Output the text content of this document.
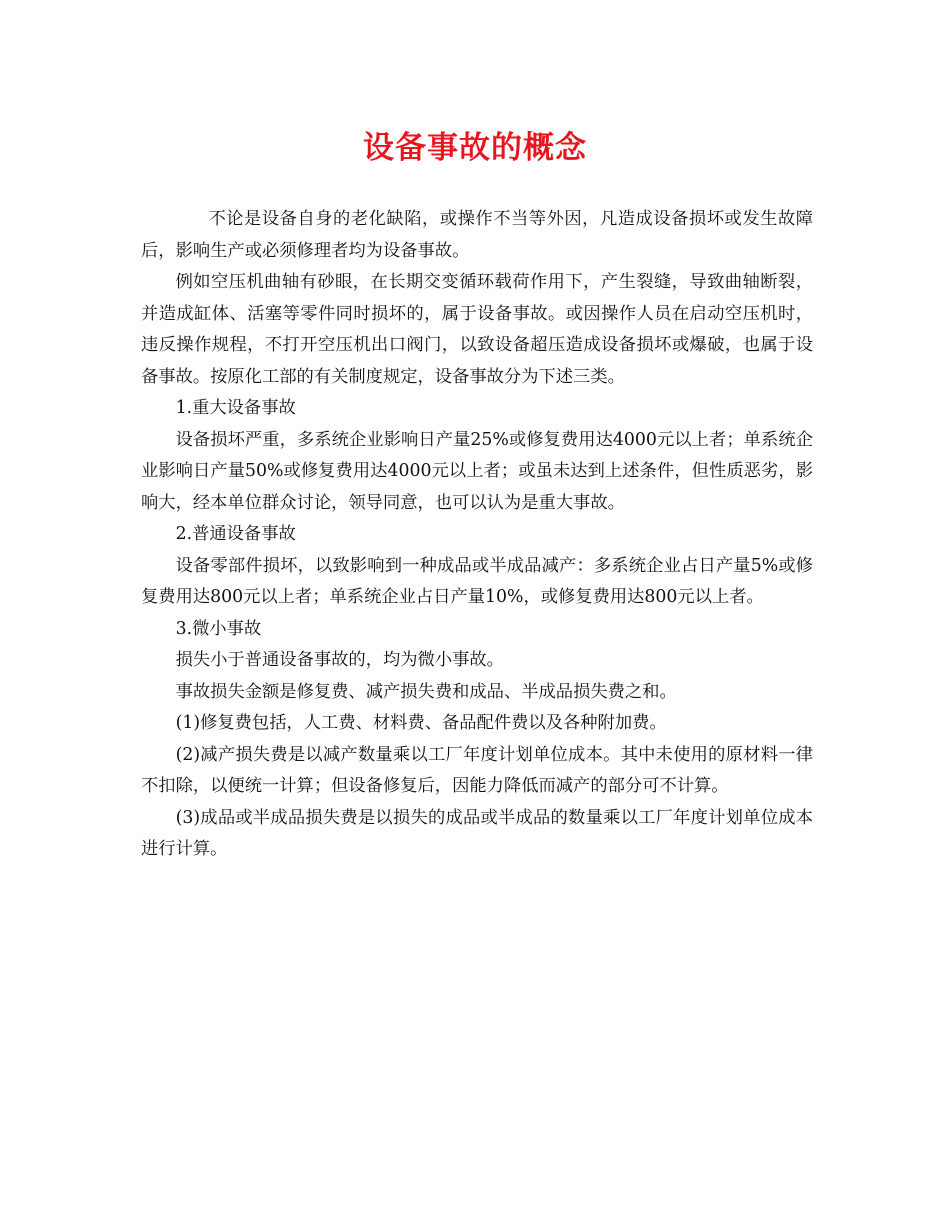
设备事故的概念

不论是设备自身的老化缺陷，或操作不当等外因，凡造成设备损坏或发生故障后，影响生产或必须修理者均为设备事故。

例如空压机曲轴有砂眼，在长期交变循环载荷作用下，产生裂缝，导致曲轴断裂，并造成缸体、活塞等零件同时损坏的，属于设备事故。或因操作人员在启动空压机时，违反操作规程，不打开空压机出口阀门，以致设备超压造成设备损坏或爆破，也属于设备事故。按原化工部的有关制度规定，设备事故分为下述三类。

1.重大设备事故

设备损坏严重，多系统企业影响日产量25%或修复费用达4000元以上者；单系统企业影响日产量50%或修复费用达4000元以上者；或虽未达到上述条件，但性质恶劣，影响大，经本单位群众讨论，领导同意，也可以认为是重大事故。

2.普通设备事故

设备零部件损坏，以致影响到一种成品或半成品减产：多系统企业占日产量5%或修复费用达800元以上者；单系统企业占日产量10%，或修复费用达800元以上者。

3.微小事故

损失小于普通设备事故的，均为微小事故。

事故损失金额是修复费、减产损失费和成品、半成品损失费之和。

(1)修复费包括，人工费、材料费、备品配件费以及各种附加费。

(2)减产损失费是以减产数量乘以工厂年度计划单位成本。其中未使用的原材料一律不扣除，以便统一计算；但设备修复后，因能力降低而减产的部分可不计算。

(3)成品或半成品损失费是以损失的成品或半成品的数量乘以工厂年度计划单位成本进行计算。
